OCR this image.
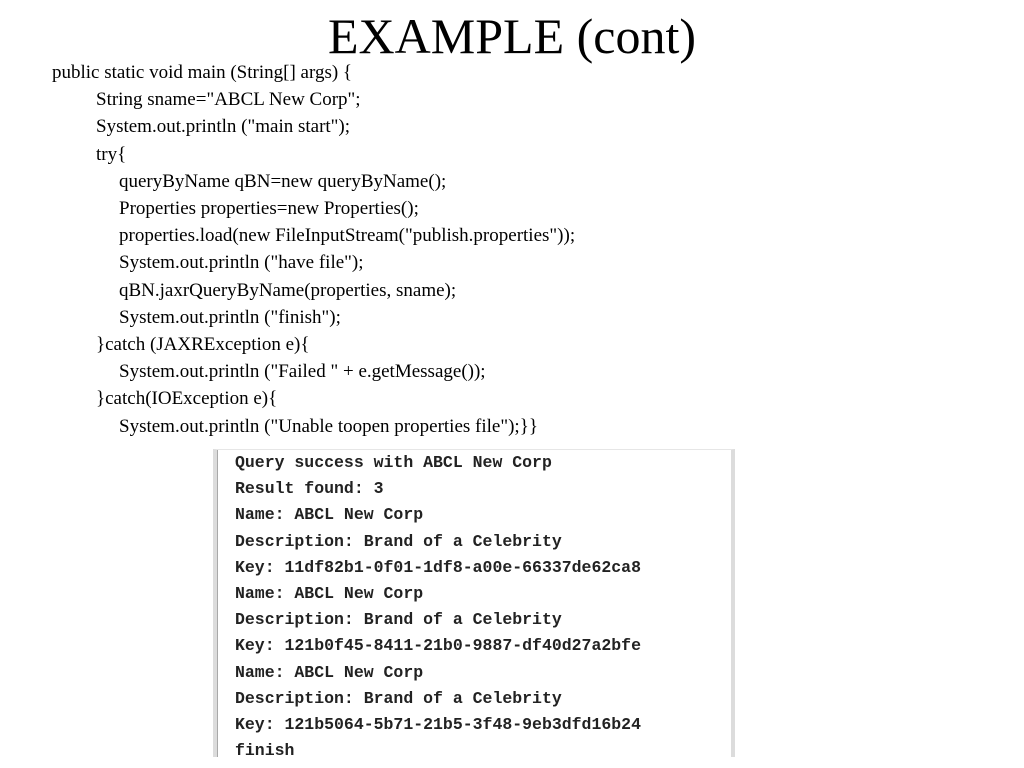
EXAMPLE (cont)
public static void main (String[] args) {
String sname="ABCL New Corp";
System.out.println ("main start");
try{
queryByName qBN=new queryByName();
Properties properties=new Properties();
properties.load(new FileInputStream("publish.properties"));
System.out.println ("have file");
qBN.jaxrQueryByName(properties, sname);
System.out.println ("finish");
}catch (JAXRException e){
System.out.println ("Failed " + e.getMessage());
}catch(IOException e){
System.out.println ("Unable toopen properties file");}}
Query success with ABCL New Corp
Result found: 3
Name: ABCL New Corp
Description: Brand of a Celebrity
Key: 11df82b1-0f01-1df8-a00e-66337de62ca8
Name: ABCL New Corp
Description: Brand of a Celebrity
Key: 121b0f45-8411-21b0-9887-df40d27a2bfe
Name: ABCL New Corp
Description: Brand of a Celebrity
Key: 121b5064-5b71-21b5-3f48-9eb3dfd16b24
finish
